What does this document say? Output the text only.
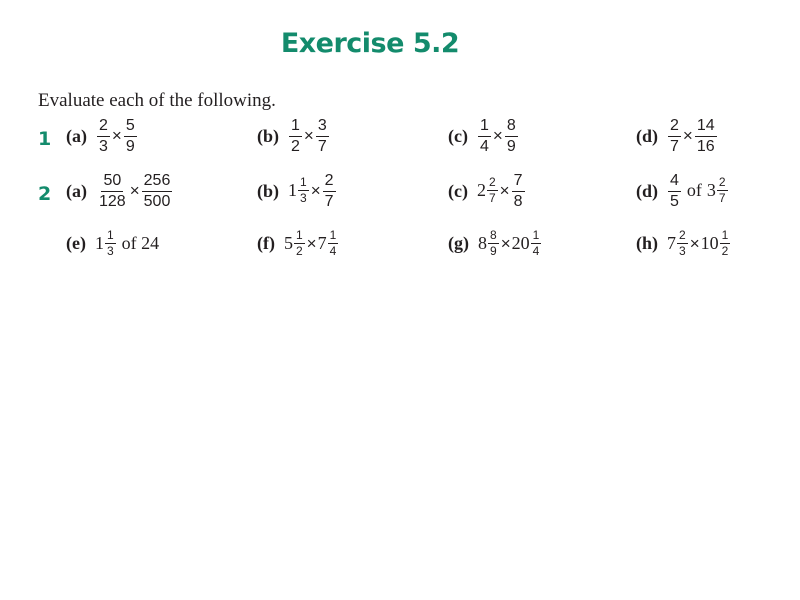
Exercise 5.2
Evaluate each of the following.
1
2
$(a) \frac{2}{3} \times \frac{5}{9}$	$(b) \frac{1}{2} \times \frac{3}{7}$	$(c) \frac{1}{4} \times \frac{8}{9}$	$(d) \frac{2}{7} \times \frac{14}{16}$
$(a) \frac{50}{128} \times \frac{256}{500}$	(b) $1 \frac{1}{3} \times \frac{2}{7}$	(c) $2 \frac{2}{7} \times \frac{7}{8}$	$(d) \frac{4}{5}$ of $3 \frac{2}{7}$
(e) $1 \frac{1}{3}$ of 24	(f) $5 \frac{1}{2} \times 7 \frac{1}{4}$	(g) $8 \frac{8}{9} \times 20 \frac{1}{4}$	(h) $7 \frac{2}{3} \times 10 \frac{1}{2}$
